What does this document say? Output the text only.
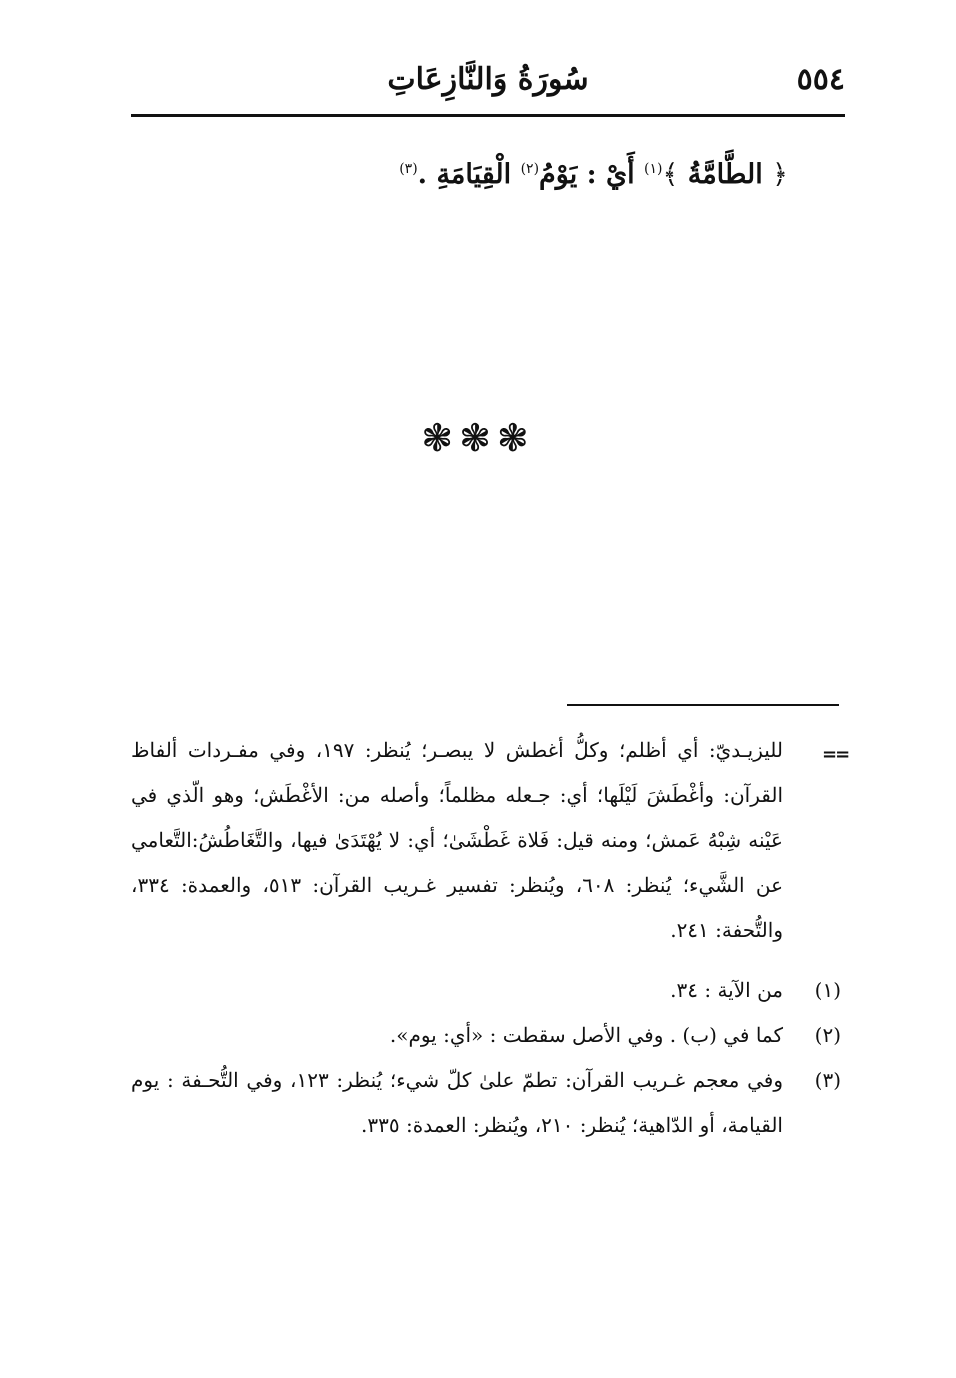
٥٥٤
سُورَةُ وَالنَّازِعَاتِ
﴿ الطَّامَّةُ ﴾$^{(١)}$ أَيْ : يَوْمُ$^{(٢)}$ الْقِيَامَةِ .$^{(٣)}$
❃❃❃
==
لليزيـديّ: أي أظلم؛ وكلُّ أغطش لا يبصـر؛ يُنظر: ١٩٧، وفي مفـردات ألفاظ القرآن: وأغْطَشَ لَيْلَها؛ أي: جـعله مظلماً؛ وأصله من: الأغْطَش؛ وهو الّذي في عَيْنه شِبْهُ عَمش؛ ومنه قيل: فَلاة غَطْشَىٰ؛ أي: لا يُهْتَدَىٰ فيها، والتَّغَاطُشُ:التَّعامي عن الشَّيء؛ يُنظر: ٦٠٨، ويُنظر: تفسير غـريب القرآن: ٥١٣، والعمدة: ٣٣٤، والتُّحفة: ٢٤١.
(١)
من الآية : ٣٤.
(٢)
كما في (ب) . وفي الأصل سقطت : «أي: يوم».
(٣)
وفي معجم غـريب القرآن: تطمّ علىٰ كلّ شيء؛ يُنظر: ١٢٣، وفي التُّحـفة : يوم القيامة، أو الدّاهية؛ يُنظر: ٢١٠، ويُنظر: العمدة: ٣٣٥.
